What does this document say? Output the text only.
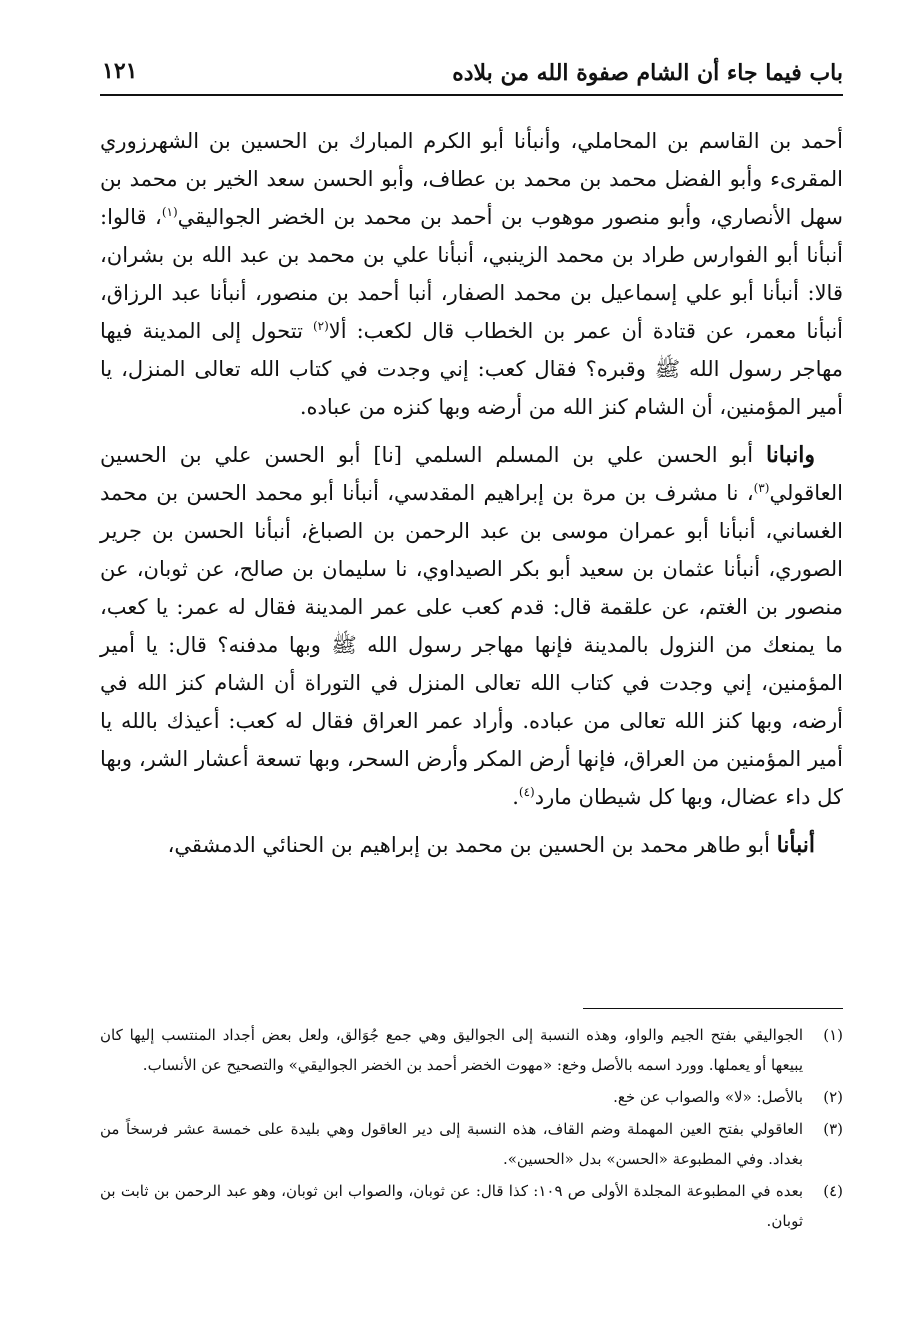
باب فيما جاء أن الشام صفوة الله من بلاده
١٢١

أحمد بن القاسم بن المحاملي، وأنبأنا أبو الكرم المبارك بن الحسين بن الشهرزوري المقرىء وأبو الفضل محمد بن محمد بن عطاف، وأبو الحسن سعد الخير بن محمد بن سهل الأنصاري، وأبو منصور موهوب بن أحمد بن محمد بن الخضر الجواليقي$^{(١)}$، قالوا: أنبأنا أبو الفوارس طراد بن محمد الزينبي، أنبأنا علي بن محمد بن عبد الله بن بشران، قالا: أنبأنا أبو علي إسماعيل بن محمد الصفار، أنبا أحمد بن منصور، أنبأنا عبد الرزاق، أنبأنا معمر، عن قتادة أن عمر بن الخطاب قال لكعب: ألا$^{(٢)}$ تتحول إلى المدينة فيها مهاجر رسول الله ﷺ وقبره؟ فقال كعب: إني وجدت في كتاب الله تعالى المنزل، يا أمير المؤمنين، أن الشام كنز الله من أرضه وبها كنزه من عباده.

وانبانا أبو الحسن علي بن المسلم السلمي [نا] أبو الحسن علي بن الحسين العاقولي$^{(٣)}$، نا مشرف بن مرة بن إبراهيم المقدسي، أنبأنا أبو محمد الحسن بن محمد الغساني، أنبأنا أبو عمران موسى بن عبد الرحمن بن الصباغ، أنبأنا الحسن بن جرير الصوري، أنبأنا عثمان بن سعيد أبو بكر الصيداوي، نا سليمان بن صالح، عن ثوبان، عن منصور بن الغتم، عن علقمة قال: قدم كعب على عمر المدينة فقال له عمر: يا كعب، ما يمنعك من النزول بالمدينة فإنها مهاجر رسول الله ﷺ وبها مدفنه؟ قال: يا أمير المؤمنين، إني وجدت في كتاب الله تعالى المنزل في التوراة أن الشام كنز الله في أرضه، وبها كنز الله تعالى من عباده. وأراد عمر العراق فقال له كعب: أعيذك بالله يا أمير المؤمنين من العراق، فإنها أرض المكر وأرض السحر، وبها تسعة أعشار الشر، وبها كل داء عضال، وبها كل شيطان مارد$^{(٤)}$.

أنبأنا أبو طاهر محمد بن الحسين بن محمد بن إبراهيم بن الحنائي الدمشقي،

(١)
الجواليقي بفتح الجيم والواو، وهذه النسبة إلى الجواليق وهي جمع جُوَالق، ولعل بعض أجداد المنتسب إليها كان يبيعها أو يعملها. وورد اسمه بالأصل وخع: «مهوت الخضر أحمد بن الخضر الجواليقي» والتصحيح عن الأنساب.
(٢)
بالأصل: «لا» والصواب عن خع.
(٣)
العاقولي بفتح العين المهملة وضم القاف، هذه النسبة إلى دير العاقول وهي بليدة على خمسة عشر فرسخاً من بغداد. وفي المطبوعة «الحسن» بدل «الحسين».
(٤)
بعده في المطبوعة المجلدة الأولى ص ١٠٩: كذا قال: عن ثوبان، والصواب ابن ثوبان، وهو عبد الرحمن بن ثابت بن ثوبان.
